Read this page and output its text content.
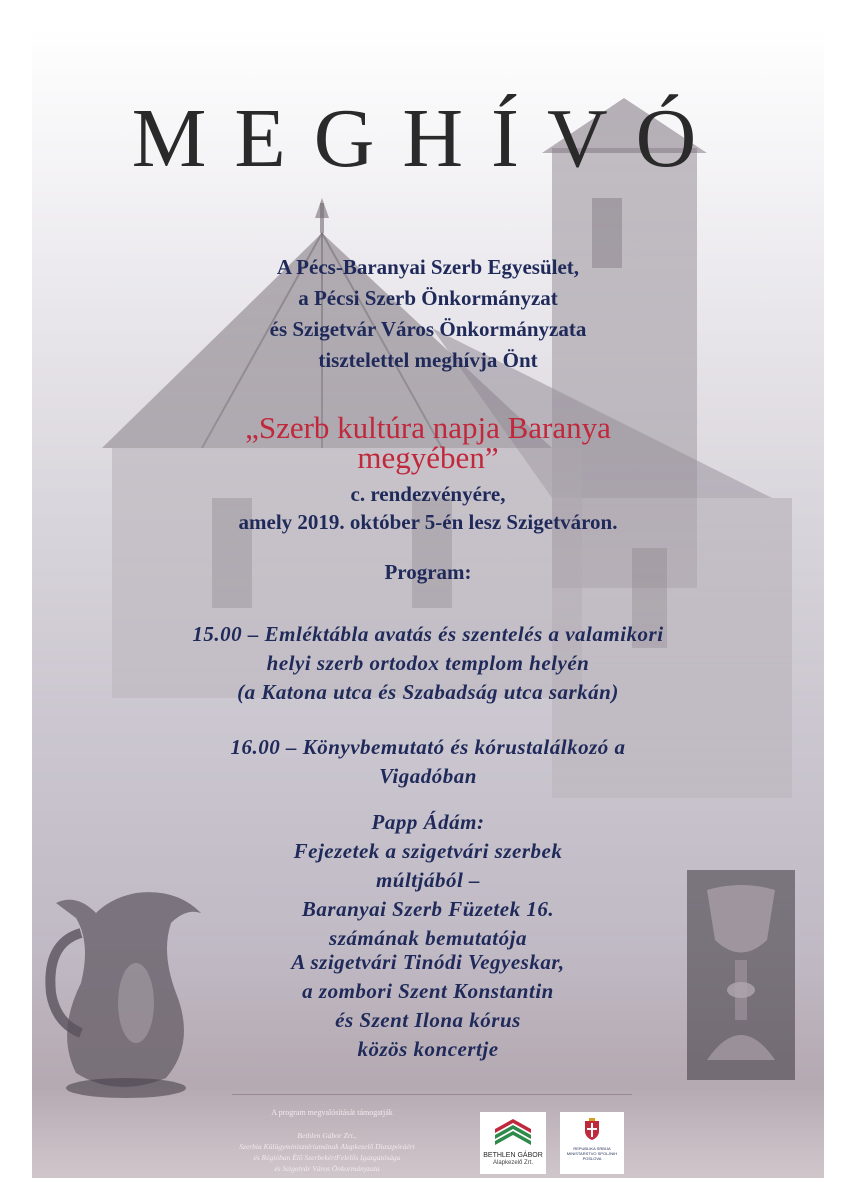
MEGHÍVÓ
A Pécs-Baranyai Szerb Egyesület,
a Pécsi Szerb Önkormányzat
és Szigetvár Város Önkormányzata
tisztelettel meghívja Önt
„Szerb kultúra napja Baranya
megyében”
c. rendezvényére,
amely 2019. október 5-én lesz Szigetváron.
Program:
15.00 – Emléktábla avatás és szentelés a valamikori
helyi szerb ortodox templom helyén
(a Katona utca és Szabadság utca sarkán)
16.00 – Könyvbemutató és kórustalálkozó a
Vigadóban
Papp Ádám:
Fejezetek a szigetvári szerbek
múltjából –
Baranyai Szerb Füzetek 16.
számának bemutatója
A szigetvári Tinódi Vegyeskar,
a zombori Szent Konstantin
és Szent Ilona kórus
közös koncertje
A program megvalósítását támogatják
Bethlen Gábor Zrt.,
Szerbia Külügyminisztériumának Alapkezelő Diaszpóráért
és Régióban Élő SzerbekértFelelős Igazgatósága
és Szigetvár Város Önkormányzata
BETHLEN GÁBOR
Alapkezelő Zrt.
REPUBLIKA SRBIJA MINISTARSTVO SPOLJNIH POSLOVA
